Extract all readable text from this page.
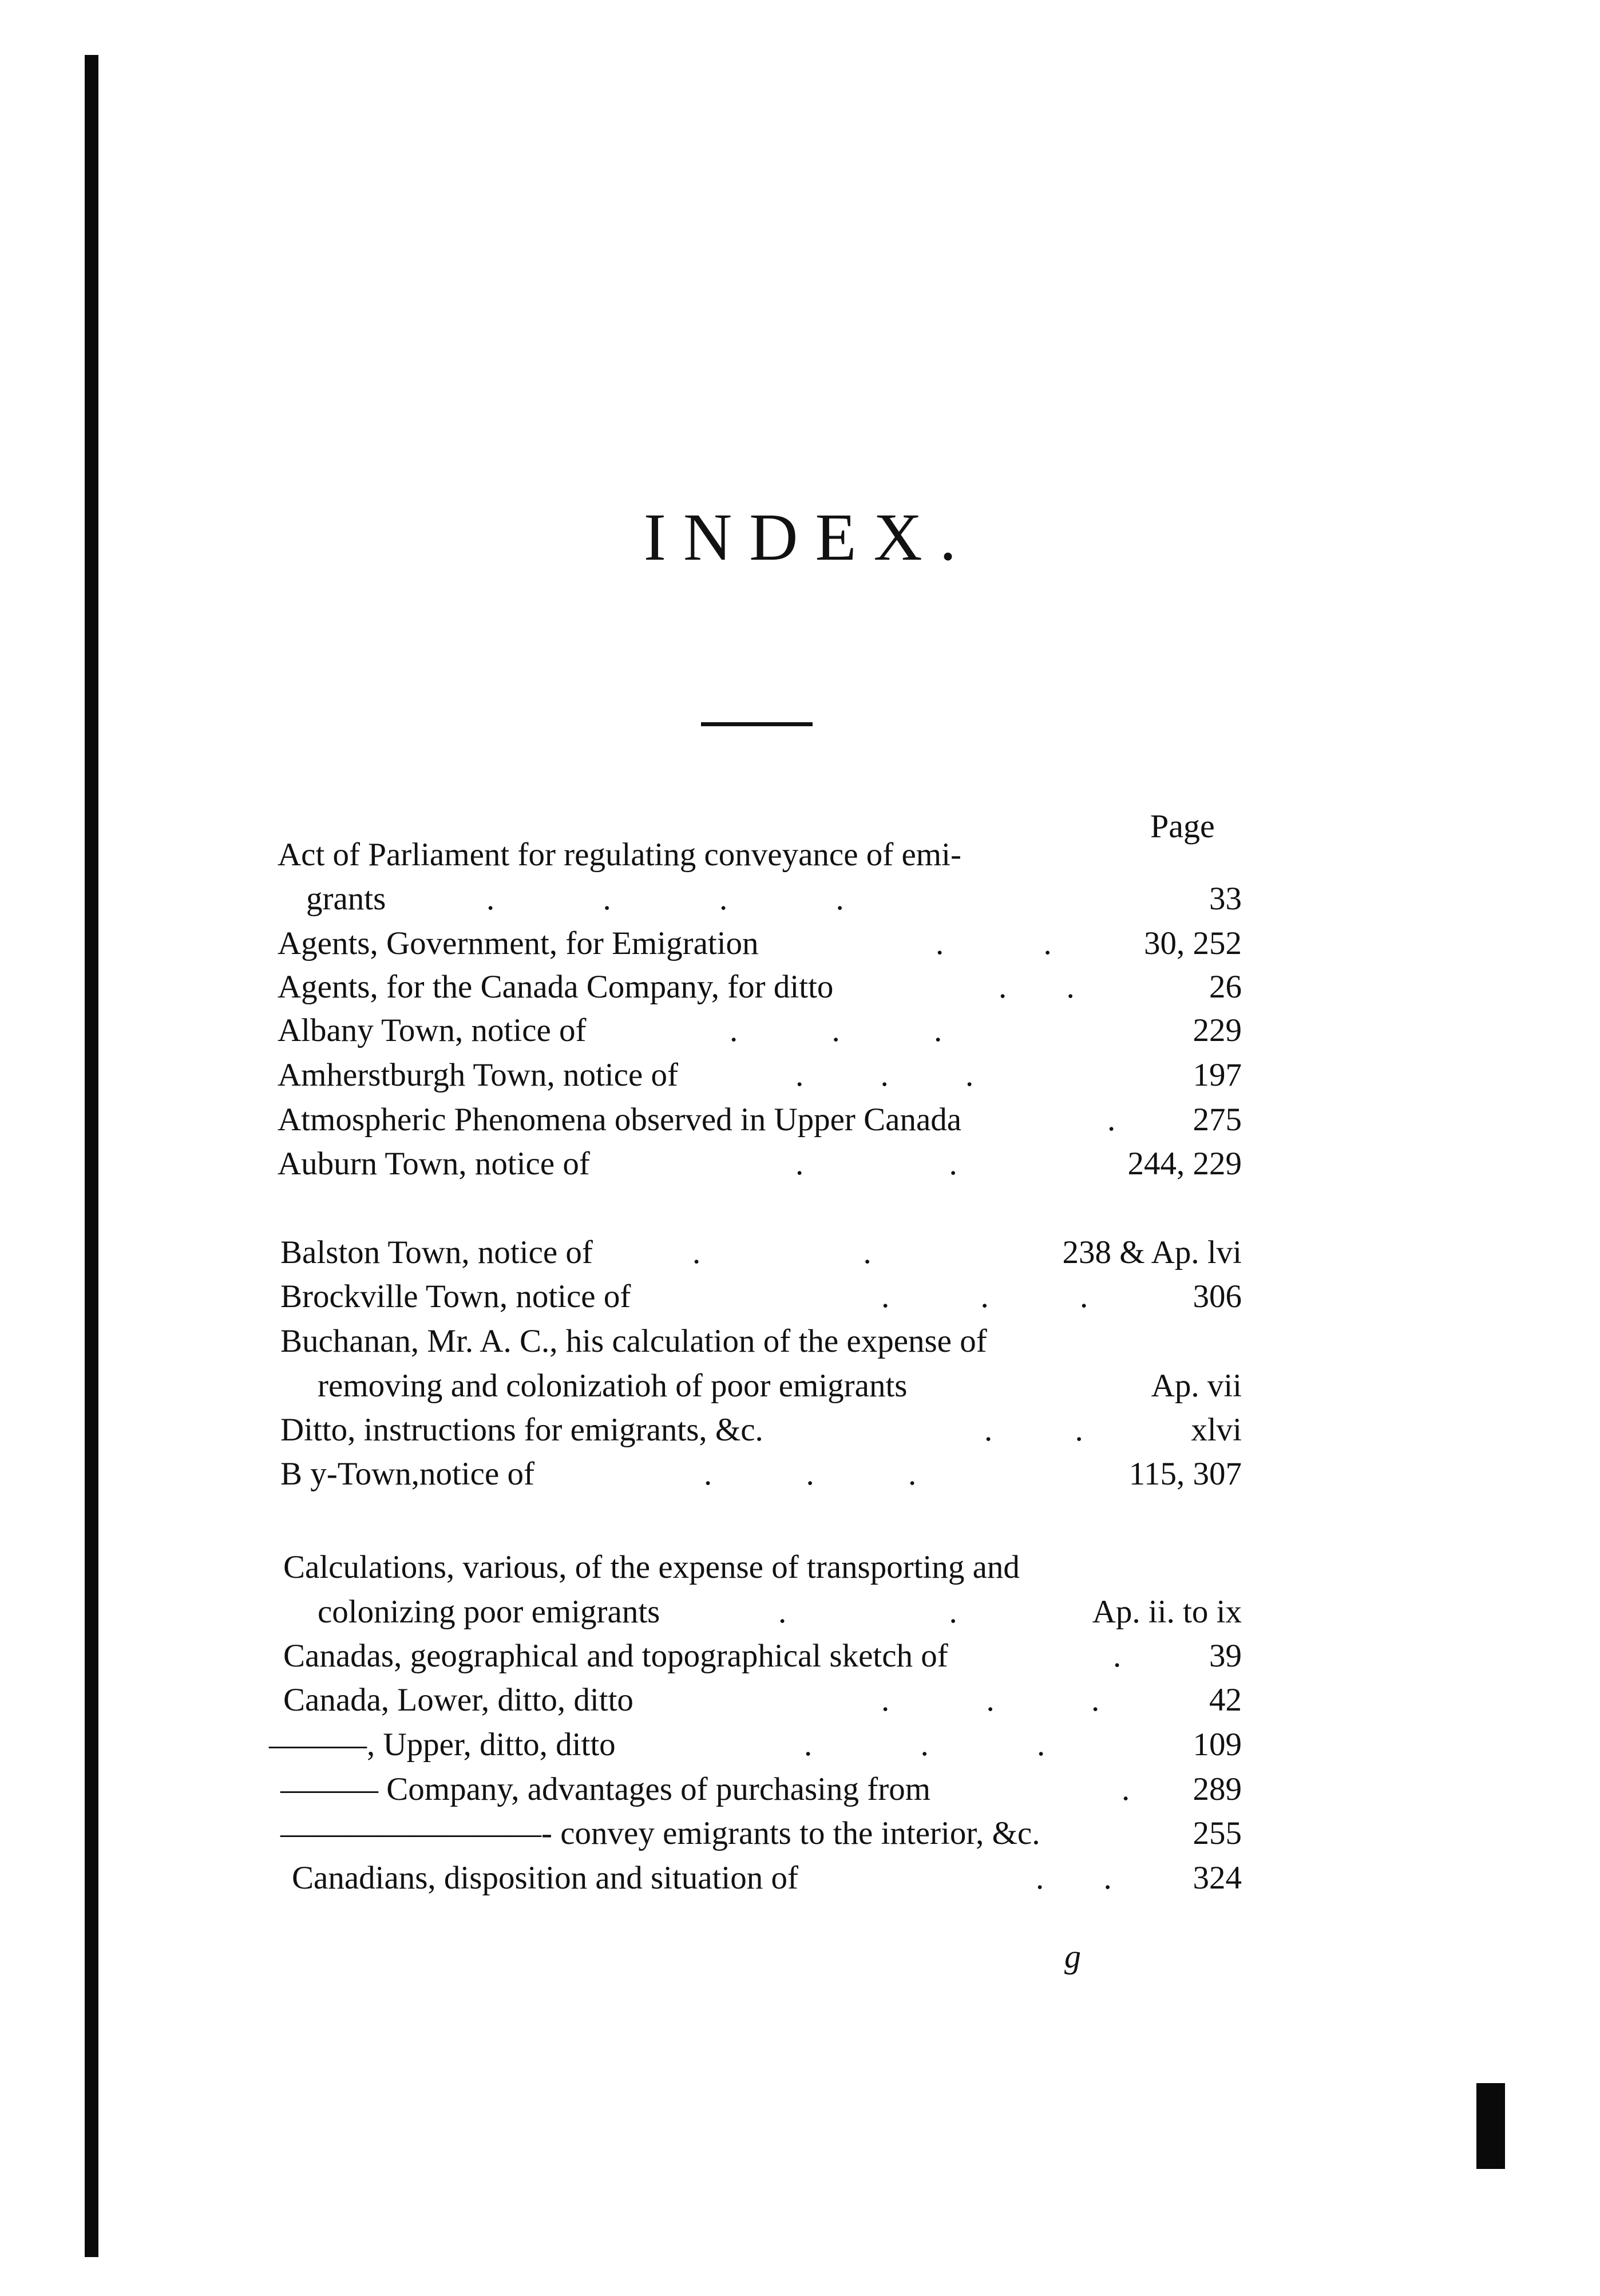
INDEX.
Page
Act of Parliament for regulating conveyance of emi-
grants	. . . .	33
Agents, Government, for Emigration	. .	30, 252
Agents, for the Canada Company, for ditto	. .	26
Albany Town, notice of	. . .	229
Amherstburgh Town, notice of	. . .	197
Atmospheric Phenomena observed in Upper Canada	. 275
Auburn Town, notice of	. .	244, 229
Balston Town, notice of	. .	238 & Ap. lvi
Brockville Town, notice of	. . .	306
Buchanan, Mr. A. C., his calculation of the expense of
removing and colonizatioh of poor emigrants	Ap. vii
Ditto, instructions for emigrants, &c.	. .	xlvi
B y-Town,notice of	. . .	115, 307
Calculations, various, of the expense of transporting and
colonizing poor emigrants	. .	Ap. ii. to ix
Canadas, geographical and topographical sketch of	.	39
Canada, Lower, ditto, ditto	. . .	42
———, Upper, ditto, ditto	. . .	109
——— Company, advantages of purchasing from	. 289
————————- convey emigrants to the interior, &c.	255
Canadians, disposition and situation of	. . 324
g
